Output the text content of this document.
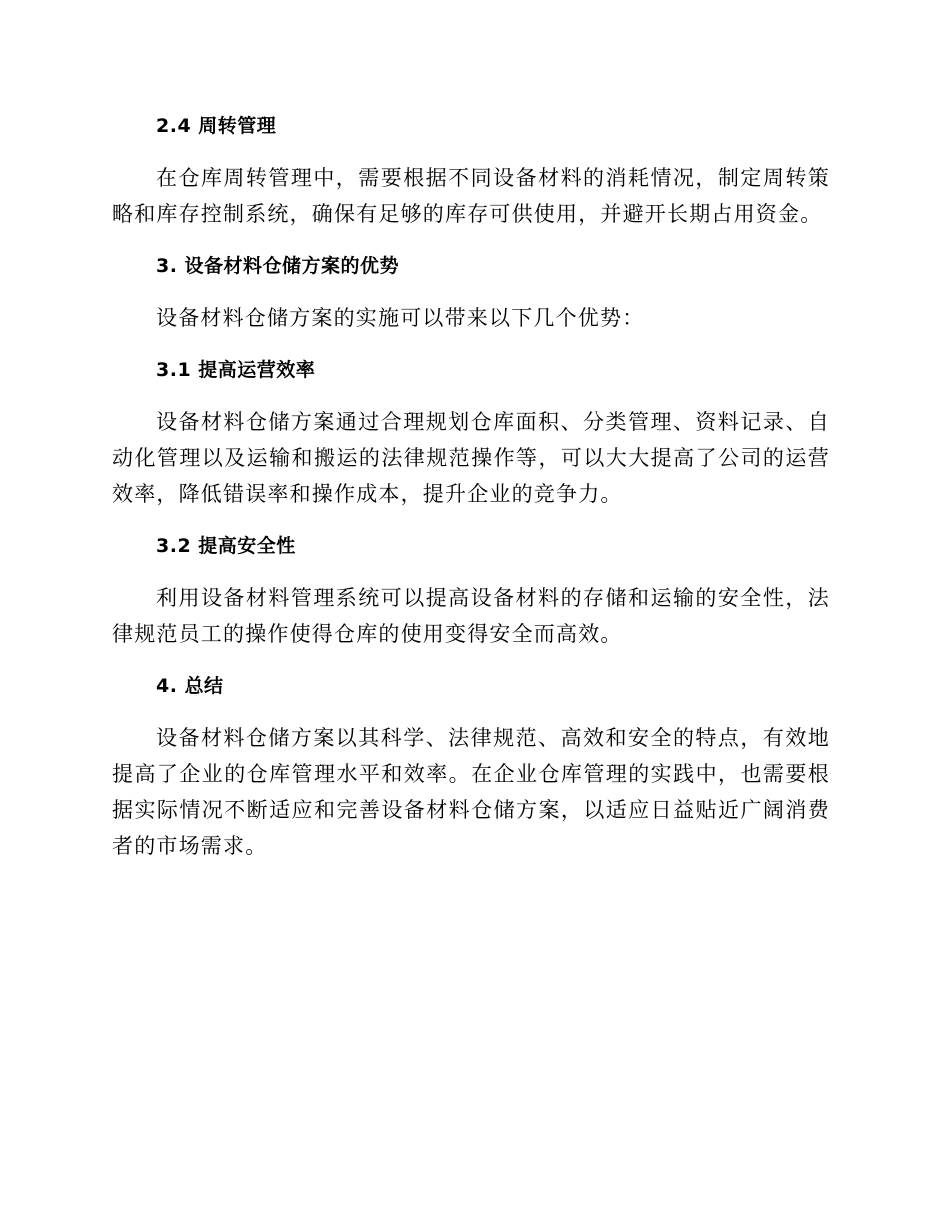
2.4 周转管理
在仓库周转管理中，需要根据不同设备材料的消耗情况，制定周转策略和库存控制系统，确保有足够的库存可供使用，并避开长期占用资金。
3. 设备材料仓储方案的优势
设备材料仓储方案的实施可以带来以下几个优势：
3.1 提高运营效率
设备材料仓储方案通过合理规划仓库面积、分类管理、资料记录、自动化管理以及运输和搬运的法律规范操作等，可以大大提高了公司的运营效率，降低错误率和操作成本，提升企业的竞争力。
3.2 提高安全性
利用设备材料管理系统可以提高设备材料的存储和运输的安全性，法律规范员工的操作使得仓库的使用变得安全而高效。
4. 总结
设备材料仓储方案以其科学、法律规范、高效和安全的特点，有效地提高了企业的仓库管理水平和效率。在企业仓库管理的实践中，也需要根据实际情况不断适应和完善设备材料仓储方案，以适应日益贴近广阔消费者的市场需求。
